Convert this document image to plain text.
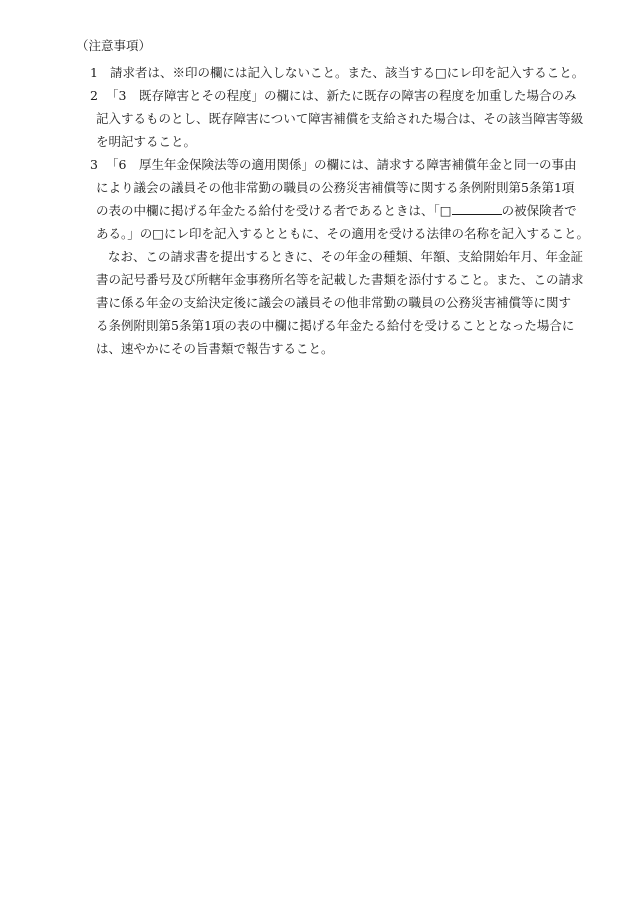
（注意事項）
1 請求者は、※印の欄には記入しないこと。また、該当する□にレ印を記入すること。
2 「3　既存障害とその程度」の欄には、新たに既存の障害の程度を加重した場合のみ
記入するものとし、既存障害について障害補償を支給された場合は、その該当障害等級
を明記すること。
3 「6　厚生年金保険法等の適用関係」の欄には、請求する障害補償年金と同一の事由
により議会の議員その他非常勤の職員の公務災害補償等に関する条例附則第5条第1項
の表の中欄に掲げる年金たる給付を受ける者であるときは、「□	の被保険者で
ある。」の□にレ印を記入するとともに、その適用を受ける法律の名称を記入すること。
なお、この請求書を提出するときに、その年金の種類、年額、支給開始年月、年金証
書の記号番号及び所轄年金事務所名等を記載した書類を添付すること。また、この請求
書に係る年金の支給決定後に議会の議員その他非常勤の職員の公務災害補償等に関す
る条例附則第5条第1項の表の中欄に掲げる年金たる給付を受けることとなった場合に
は、速やかにその旨書類で報告すること。
